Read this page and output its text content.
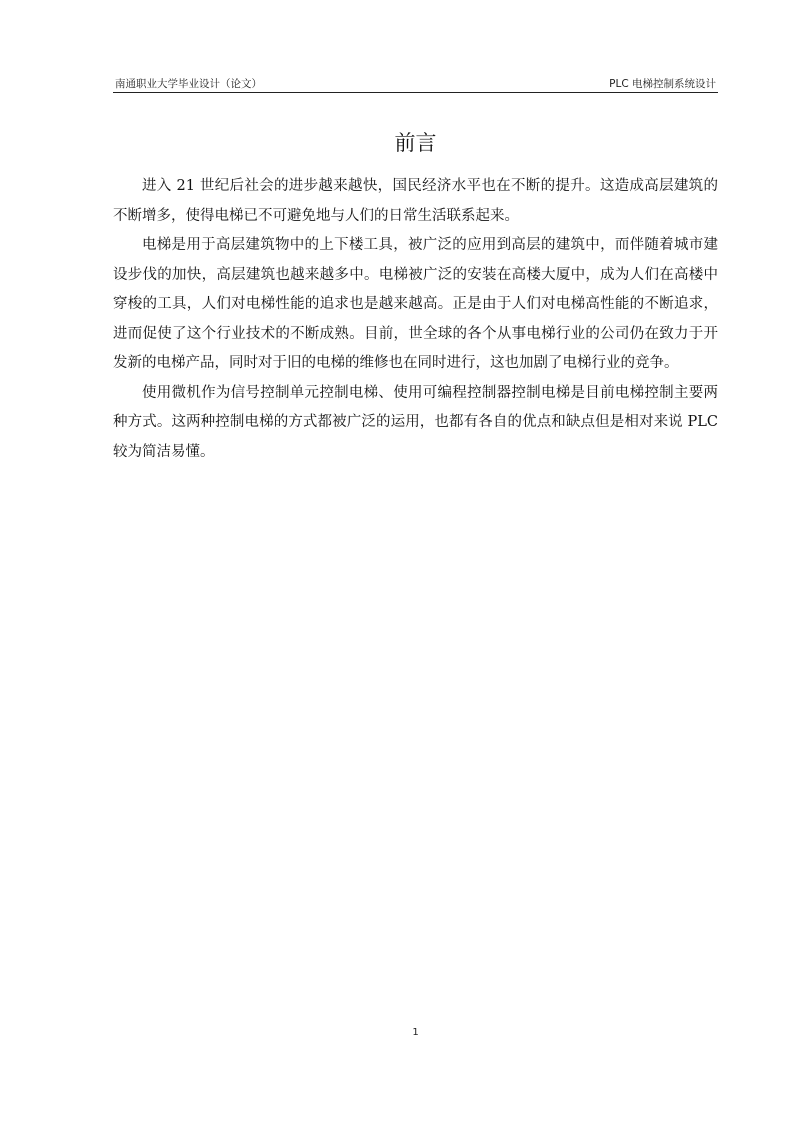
南通职业大学毕业设计（论文）	PLC 电梯控制系统设计
前言

进入 21 世纪后社会的进步越来越快，国民经济水平也在不断的提升。这造成高层建筑的不断增多，使得电梯已不可避免地与人们的日常生活联系起来。

电梯是用于高层建筑物中的上下楼工具，被广泛的应用到高层的建筑中，而伴随着城市建设步伐的加快，高层建筑也越来越多中。电梯被广泛的安装在高楼大厦中，成为人们在高楼中穿梭的工具，人们对电梯性能的追求也是越来越高。正是由于人们对电梯高性能的不断追求，进而促使了这个行业技术的不断成熟。目前，世全球的各个从事电梯行业的公司仍在致力于开发新的电梯产品，同时对于旧的电梯的维修也在同时进行，这也加剧了电梯行业的竞争。

使用微机作为信号控制单元控制电梯、使用可编程控制器控制电梯是目前电梯控制主要两种方式。这两种控制电梯的方式都被广泛的运用，也都有各自的优点和缺点但是相对来说 PLC 较为简洁易懂。

1
